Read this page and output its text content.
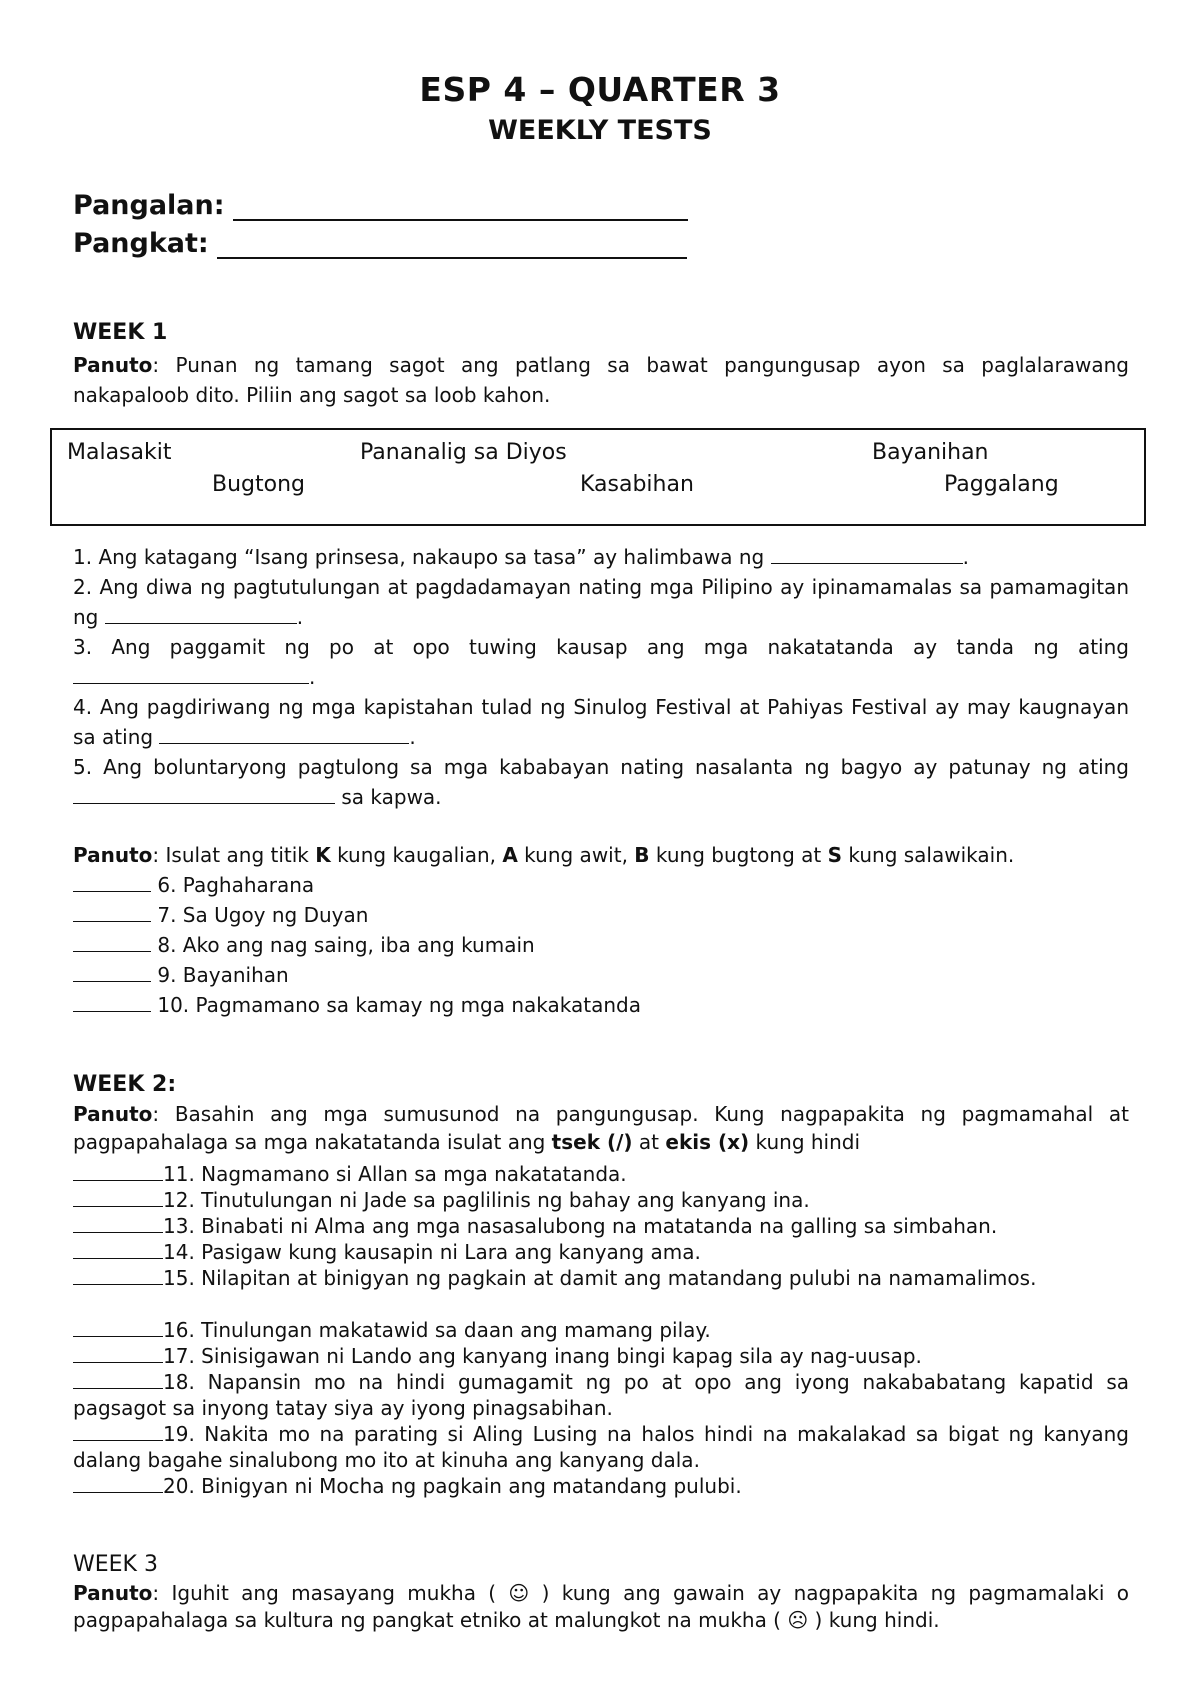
ESP 4 – QUARTER 3
WEEKLY TESTS
Pangalan:
Pangkat:
WEEK 1

Panuto: Punan ng tamang sagot ang patlang sa bawat pangungusap ayon sa paglalarawang nakapaloob dito. Piliin ang sagot sa loob kahon.

Malasakit	Pananalig sa Diyos	Bayanihan
Bugtong	Kasabihan	Paggalang

1. Ang katagang “Isang prinsesa, nakaupo sa tasa” ay halimbawa ng	.

2. Ang diwa ng pagtutulungan at pagdadamayan nating mga Pilipino ay ipinamamalas sa pamamagitan ng	.

3. Ang paggamit ng po at opo tuwing kausap ang mga nakatatanda ay tanda ng ating .

4. Ang pagdiriwang ng mga kapistahan tulad ng Sinulog Festival at Pahiyas Festival ay may kaugnayan sa ating	.

5. Ang boluntaryong pagtulong sa mga kababayan nating nasalanta ng bagyo ay patunay ng ating  sa kapwa.

Panuto: Isulat ang titik K kung kaugalian, A kung awit, B kung bugtong at S kung salawikain.

6. Paghaharana

7. Sa Ugoy ng Duyan

8. Ako ang nag saing, iba ang kumain

9. Bayanihan

10. Pagmamano sa kamay ng mga nakakatanda

WEEK 2:

Panuto: Basahin ang mga sumusunod na pangungusap. Kung nagpapakita ng pagmamahal at pagpapahalaga sa mga nakatatanda isulat ang tsek (/) at ekis (x) kung hindi

11. Nagmamano si Allan sa mga nakatatanda.

12. Tinutulungan ni Jade sa paglilinis ng bahay ang kanyang ina.

13. Binabati ni Alma ang mga nasasalubong na matatanda na galling sa simbahan.

14. Pasigaw kung kausapin ni Lara ang kanyang ama.

15. Nilapitan at binigyan ng pagkain at damit ang matandang pulubi na namamalimos.

16. Tinulungan makatawid sa daan ang mamang pilay.

17. Sinisigawan ni Lando ang kanyang inang bingi kapag sila ay nag-uusap.

18. Napansin mo na hindi gumagamit ng po at opo ang iyong nakababatang kapatid sa pagsagot sa inyong tatay siya ay iyong pinagsabihan.

19. Nakita mo na parating si Aling Lusing na halos hindi na makalakad sa bigat ng kanyang dalang bagahe sinalubong mo ito at kinuha ang kanyang dala.

20. Binigyan ni Mocha ng pagkain ang matandang pulubi.

WEEK 3

Panuto: Iguhit ang masayang mukha ( ☺ ) kung ang gawain ay nagpapakita ng pagmamalaki o pagpapahalaga sa kultura ng pangkat etniko at malungkot na mukha ( ☹ ) kung hindi.
